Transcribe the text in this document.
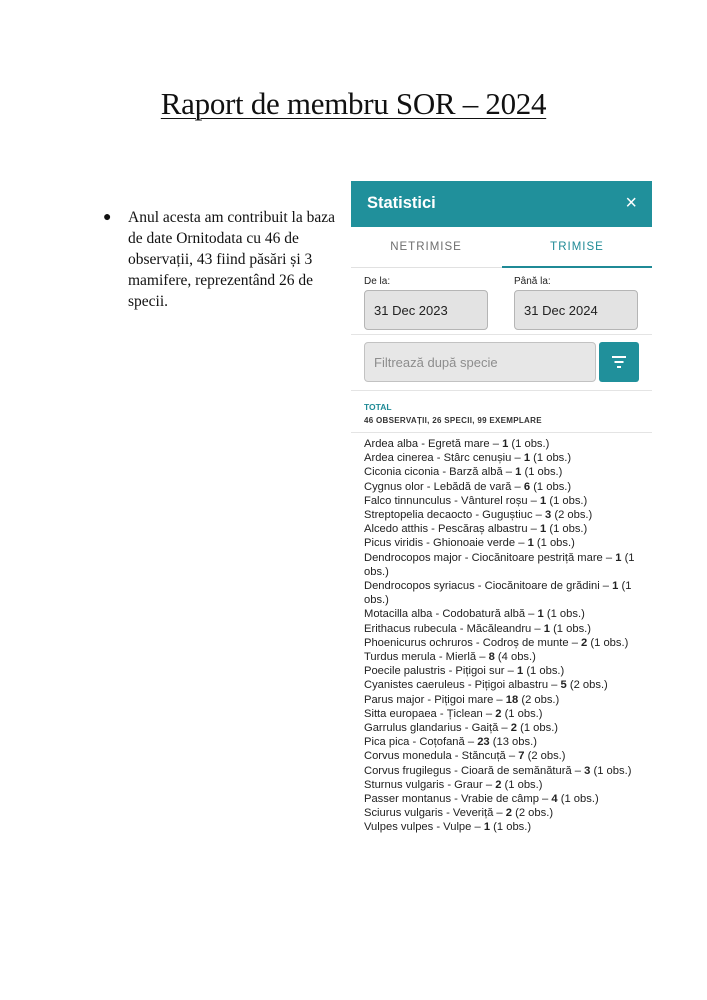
Raport de membru SOR – 2024
● Anul acesta am contribuit la baza de date Ornitodata cu 46 de observații, 43 fiind păsări și 3 mamifere, reprezentând 26 de specii.
Statistici	×
NETRIMISE	TRIMISE
De la:
31 Dec 2023
Până la:
31 Dec 2024
Filtrează după specie
TOTAL
46 OBSERVAȚII, 26 SPECII, 99 EXEMPLARE
Ardea alba - Egretă mare – 1 (1 obs.)
Ardea cinerea - Stârc cenușiu – 1 (1 obs.)
Ciconia ciconia - Barză albă – 1 (1 obs.)
Cygnus olor - Lebădă de vară – 6 (1 obs.)
Falco tinnunculus - Vânturel roșu – 1 (1 obs.)
Streptopelia decaocto - Guguștiuc – 3 (2 obs.)
Alcedo atthis - Pescăraș albastru – 1 (1 obs.)
Picus viridis - Ghionoaie verde – 1 (1 obs.)
Dendrocopos major - Ciocănitoare pestriță mare – 1 (1 obs.)
Dendrocopos syriacus - Ciocănitoare de grădini – 1 (1 obs.)
Motacilla alba - Codobatură albă – 1 (1 obs.)
Erithacus rubecula - Măcăleandru – 1 (1 obs.)
Phoenicurus ochruros - Codroș de munte – 2 (1 obs.)
Turdus merula - Mierlă – 8 (4 obs.)
Poecile palustris - Pițigoi sur – 1 (1 obs.)
Cyanistes caeruleus - Pițigoi albastru – 5 (2 obs.)
Parus major - Pițigoi mare – 18 (2 obs.)
Sitta europaea - Țiclean – 2 (1 obs.)
Garrulus glandarius - Gaiță – 2 (1 obs.)
Pica pica - Coțofană – 23 (13 obs.)
Corvus monedula - Stăncuță – 7 (2 obs.)
Corvus frugilegus - Cioară de semănătură – 3 (1 obs.)
Sturnus vulgaris - Graur – 2 (1 obs.)
Passer montanus - Vrabie de câmp – 4 (1 obs.)
Sciurus vulgaris - Veveriță – 2 (2 obs.)
Vulpes vulpes - Vulpe – 1 (1 obs.)
